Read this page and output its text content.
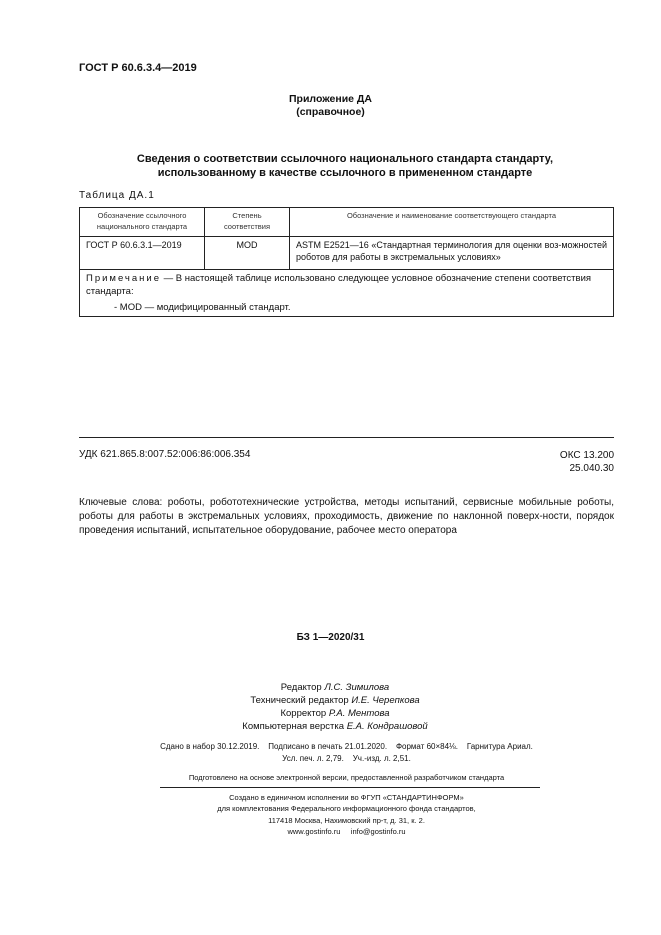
ГОСТ Р 60.6.3.4—2019
Приложение ДА
(справочное)
Сведения о соответствии ссылочного национального стандарта стандарту,
использованному в качестве ссылочного в примененном стандарте
Таблица ДА.1
Обозначение ссылочного национального стандарта	Степень соответствия	Обозначение и наименование соответствующего стандарта
ГОСТ Р 60.6.3.1—2019	MOD	ASTM E2521—16 «Стандартная терминология для оценки воз-можностей роботов для работы в экстремальных условиях»
Примечание — В настоящей таблице использовано следующее условное обозначение степени соответствия стандарта:
- MOD — модифицированный стандарт.		
УДК 621.865.8:007.52:006:86:006.354	ОКС 13.200
25.040.30
Ключевые слова: роботы, робототехнические устройства, методы испытаний, сервисные мобильные роботы, роботы для работы в экстремальных условиях, проходимость, движение по наклонной поверх-ности, порядок проведения испытаний, испытательное оборудование, рабочее место оператора
БЗ 1—2020/31
Редактор Л.С. Зимилова
Технический редактор И.Е. Черепкова
Корректор Р.А. Ментова
Компьютерная верстка Е.А. Кондрашовой
Сдано в набор 30.12.2019.    Подписано в печать 21.01.2020.    Формат 60×84⅛.    Гарнитура Ариал.
Усл. печ. л. 2,79.    Уч.-изд. л. 2,51.
Подготовлено на основе электронной версии, предоставленной разработчиком стандарта
Создано в единичном исполнении во ФГУП «СТАНДАРТИНФОРМ»
для комплектования Федерального информационного фонда стандартов,
117418 Москва, Нахимовский пр-т, д. 31, к. 2.
www.gostinfo.ru     info@gostinfo.ru
